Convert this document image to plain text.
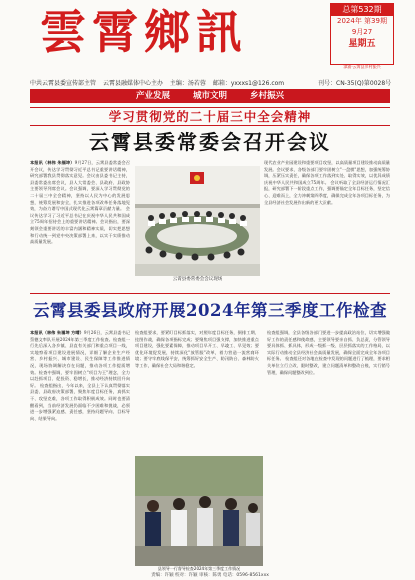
雲霄鄉訊	总第532期
2024年 第39期
9月27
星期五
漳浦·云霄县乡村振兴
中共云霄县委宣传部主管 云霄县融媒体中心主办 主编：汤若蓉 邮箱：yxxxs1@126.com	刊号：CN-35(Q)第0028号
产业发展	城市文明	乡村振兴
学习贯彻党的二十届三中全会精神
云霄县委常委会召开会议
本报讯（林伟 朱福坤）9月27日，云霄县委常委会召开会议，传达学习贯彻习近平总书记重要讲话精神，研究部署我县贯彻落实意见。会议由县委书记主持，县委常委出席会议，县人大常委会、县政府、县政协主要领导列席会议。会议强调，要深入学习贯彻党的二十届三中全会精神，坚持以人民为中心的发展思想，统筹发展和安全，扎实推进各项改革任务落地见效，为奋力谱写中国式现代化云霄篇章贡献力量。 会议传达学习了习近平总书记在庆祝中华人民共和国成立75周年招待会上的重要讲话精神。会议指出，要深刻领会重要讲话的丰富内涵和精神实质，切实把思想和行动统一到党中央决策部署上来，以实干实绩推动高质量发展。
云霄县委常委会会议现场
现代农业产业园建设和重要项目攻坚，以高质量项目建设推动高质量发展。会议要求，各级各部门要牢固树立"一盘棋"思想，加强统筹协调，压紧压实责任，确保各项工作落到实处、取得实效，以优异成绩庆祝中华人民共和国成立75周年。 会议听取了全县经济运行情况汇报，研究部署下一阶段重点工作，强调要锚定全年目标任务，坚定信心、迎难而上，全力冲刺第四季度，确保完成全年各项目标任务，为全县经济社会发展作出新的更大贡献。
云霄县委县政府开展2024年第三季度工作检查
本报讯（林伟 朱福坤 方晴）9月26日，云霄县委书记蔡德文率队开展2024年第三季度工作检查。检查组一行先后深入各乡镇、县直有关部门和重点项目一线，实地察看项目建设进展情况，详细了解企业生产经营、乡村振兴、城市建设、民生保障等工作推进情况，现场协调解决存在问题，推动各项工作提质增效。检查中强调，要牢固树立"项目为王"理念，全力以赴抓项目、促投资、稳增长，推动经济持续回升向好。 检查组指出，今年以来，全县上下认真贯彻落实县委、县政府决策部署，聚焦年度目标任务，真抓实干、攻坚克难，各项工作取得积极成效。同时也要清醒看到，当前经济发展仍面临不少困难和挑战，必须进一步增强紧迫感、责任感，坚持问题导向、目标导向、结果导向。
检查组要求，要紧盯目标抓落实，对照年度目标任务，倒排工期、挂图作战，确保各项指标完成；要聚焦项目强支撑，加快推进重点项目建设，强化要素保障，推动项目早开工、早竣工、早见效；要优化环境促发展，持续深化"放管服"改革，着力营造一流营商环境；要守牢底线保平安，统筹抓好安全生产、防汛防台、森林防火等工作，确保社会大局和谐稳定。
县领导一行督导检查2024年第三季度工作情况
检查组强调，全县各级各部门要进一步提高政治站位，切实增强做好工作的责任感和使命感，主要领导要亲自抓、负总责，分管领导要具体抓、抓具体，形成一级抓一级、层层抓落实的工作格局，以实际行动推动全县经济社会高质量发展，确保全面完成全年各项目标任务。 检查组还对各地在检查中发现的问题进行了梳理，要求相关单位立行立改、限时整改，建立问题清单和整改台账，实行销号管理，确保问题整改到位。
责编：许颖 校对：许颖 审核：陈勇 电话：0596-8561xxx
